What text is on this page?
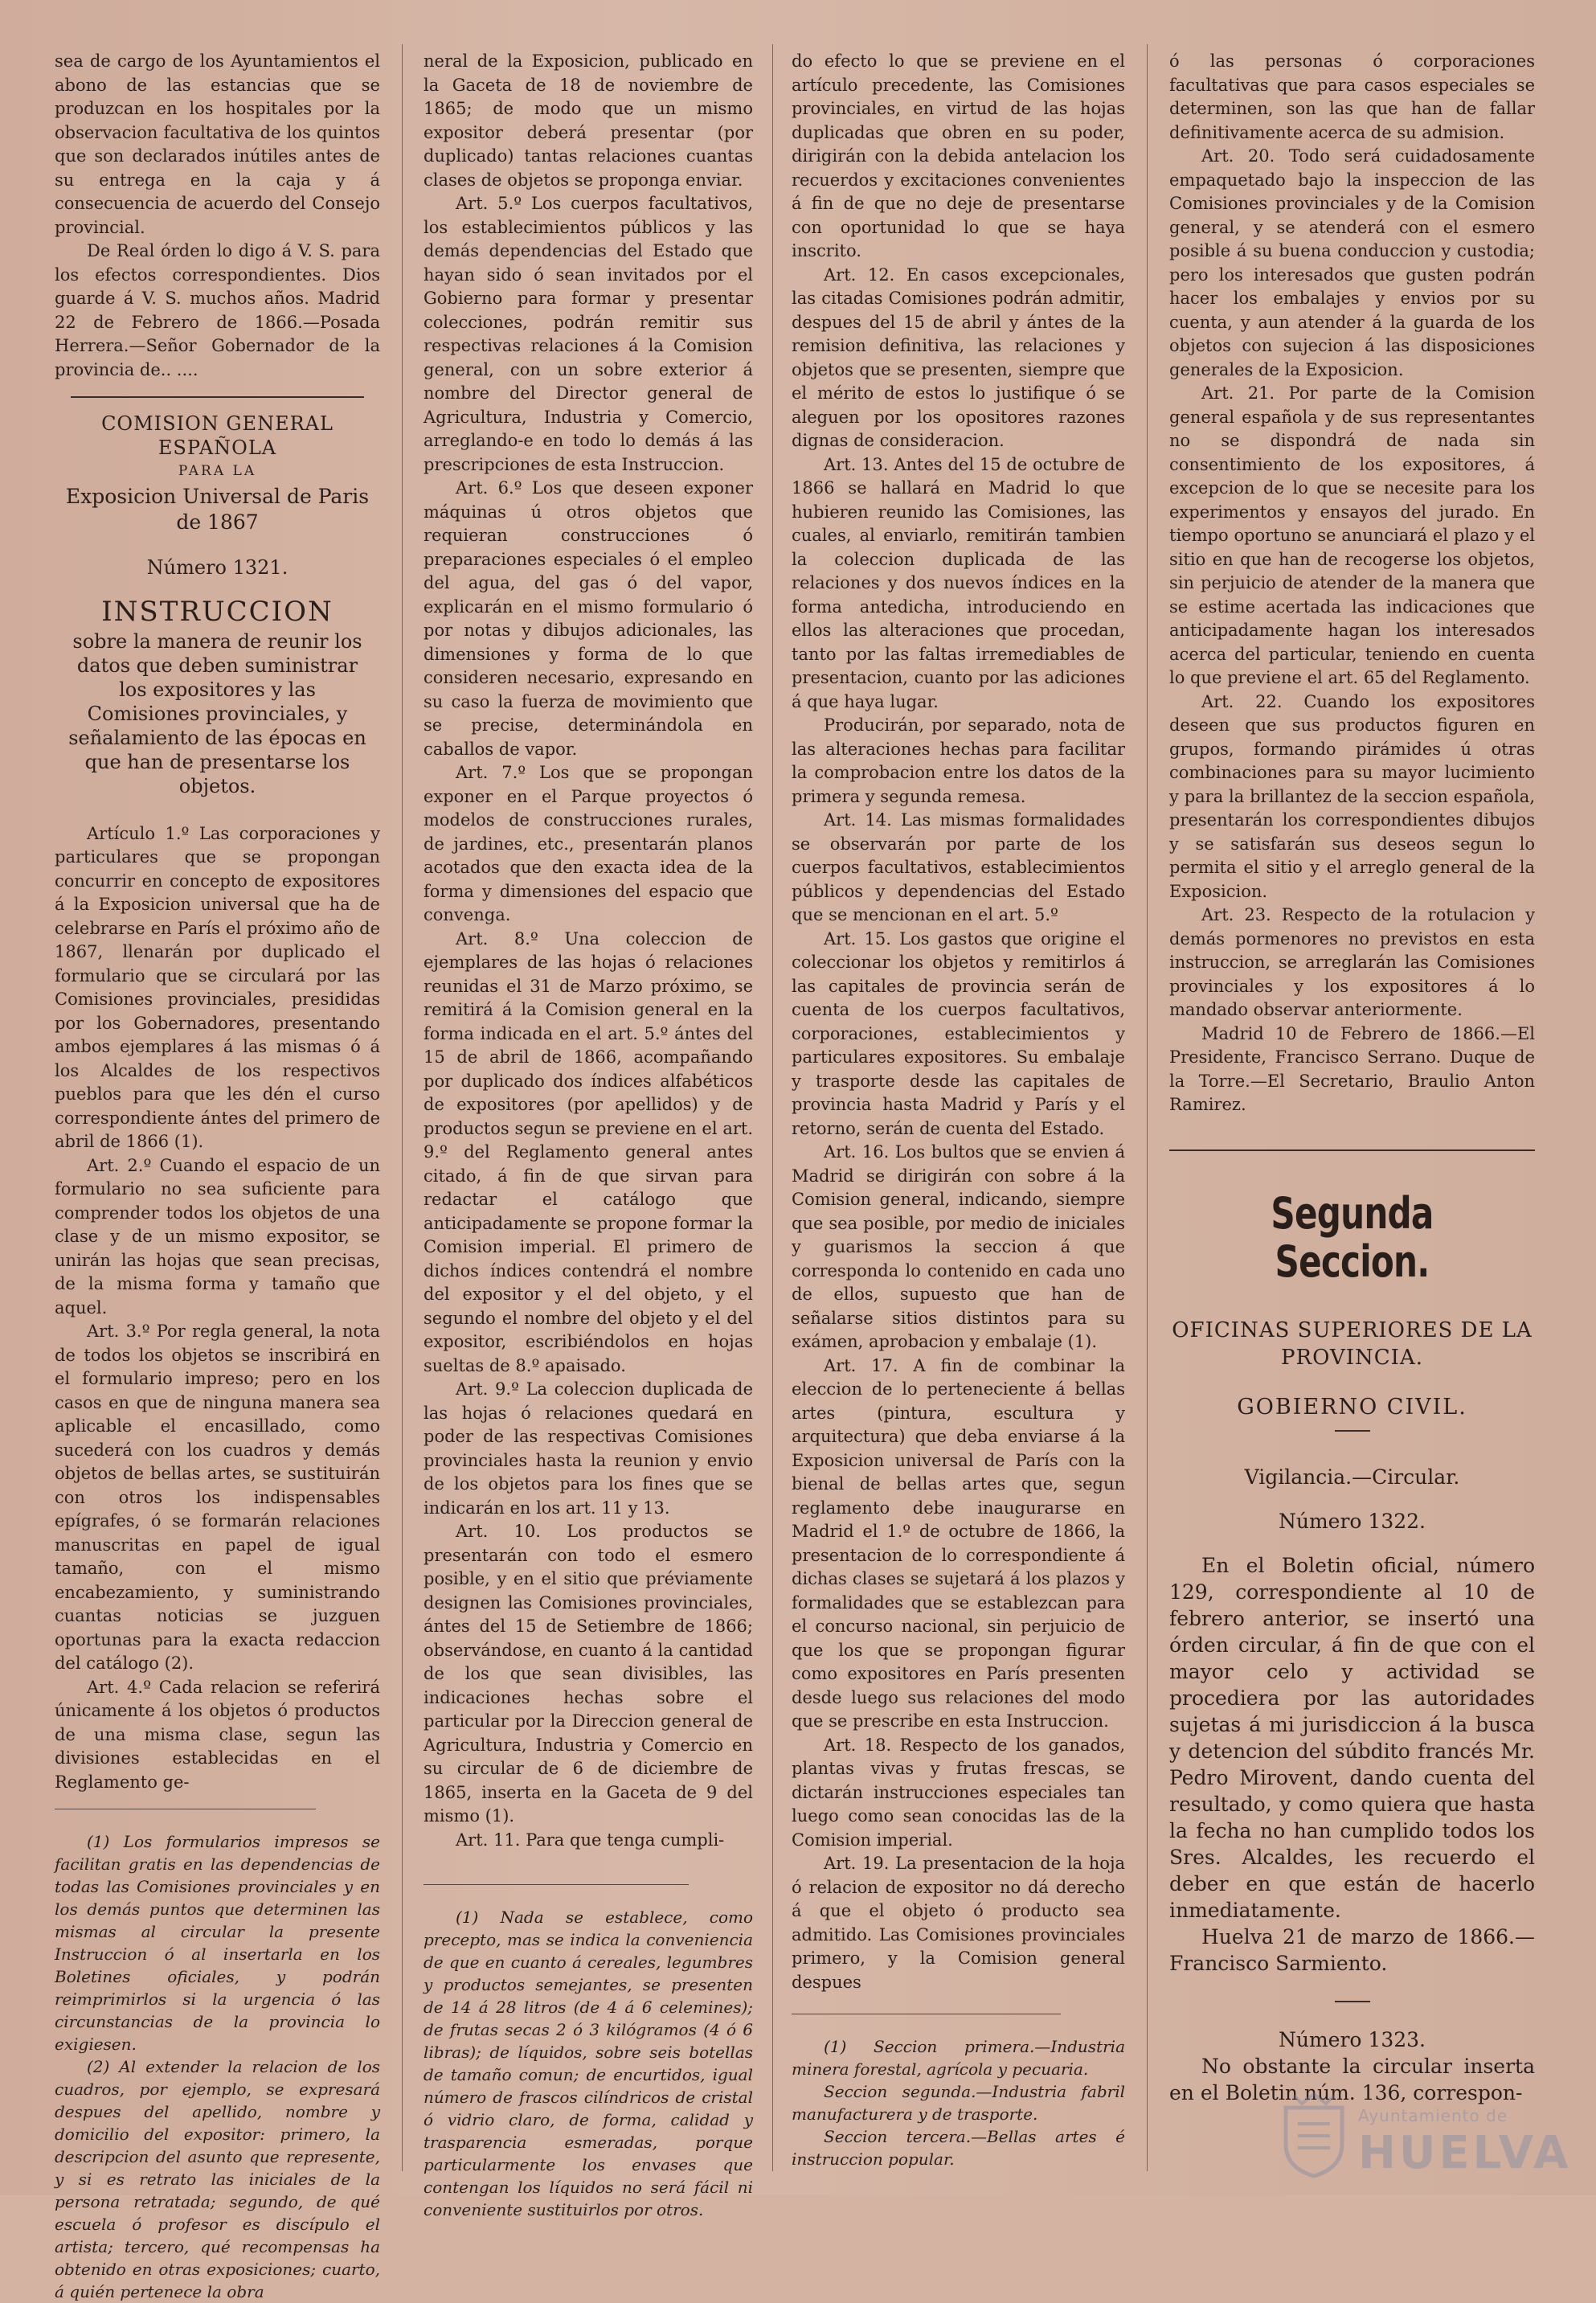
sea de cargo de los Ayuntamientos el abono de las estancias que se produzcan en los hospitales por la observacion facultativa de los quintos que son declarados inútiles antes de su entrega en la caja y á consecuencia de acuerdo del Consejo provincial.

De Real órden lo digo á V. S. para los efectos correspondientes. Dios guarde á V. S. muchos años. Madrid 22 de Febrero de 1866.—Posada Herrera.—Señor Gobernador de la provincia de.. ....

COMISION GENERAL ESPAÑOLA
PARA LA
Exposicion Universal de Paris de 1867
Número 1321.
INSTRUCCION
sobre la manera de reunir los datos que deben suministrar los expositores y las Comisiones provinciales, y señalamiento de las épocas en que han de presentarse los objetos.

Artículo 1.º Las corporaciones y particulares que se propongan concurrir en concepto de expositores á la Exposicion universal que ha de celebrarse en París el próximo año de 1867, llenarán por duplicado el formulario que se circulará por las Comisiones provinciales, presididas por los Gobernadores, presentando ambos ejemplares á las mismas ó á los Alcaldes de los respectivos pueblos para que les dén el curso correspondiente ántes del primero de abril de 1866 (1).

Art. 2.º Cuando el espacio de un formulario no sea suficiente para comprender todos los objetos de una clase y de un mismo expositor, se unirán las hojas que sean precisas, de la misma forma y tamaño que aquel.

Art. 3.º Por regla general, la nota de todos los objetos se inscribirá en el formulario impreso; pero en los casos en que de ninguna manera sea aplicable el encasillado, como sucederá con los cuadros y demás objetos de bellas artes, se sustituirán con otros los indispensables epígrafes, ó se formarán relaciones manuscritas en papel de igual tamaño, con el mismo encabezamiento, y suministrando cuantas noticias se juzguen oportunas para la exacta redaccion del catálogo (2).

Art. 4.º Cada relacion se referirá únicamente á los objetos ó productos de una misma clase, segun las divisiones establecidas en el Reglamento ge-

(1) Los formularios impresos se facilitan gratis en las dependencias de todas las Comisiones provinciales y en los demás puntos que determinen las mismas al circular la presente Instruccion ó al insertarla en los Boletines oficiales, y podrán reimprimirlos si la urgencia ó las circunstancias de la provincia lo exigiesen.

(2) Al extender la relacion de los cuadros, por ejemplo, se expresará despues del apellido, nombre y domicilio del expositor: primero, la descripcion del asunto que represente, y si es retrato las iniciales de la persona retratada; segundo, de qué escuela ó profesor es discípulo el artista; tercero, qué recompensas ha obtenido en otras exposiciones; cuarto, á quién pertenece la obra

neral de la Exposicion, publicado en la Gaceta de 18 de noviembre de 1865; de modo que un mismo expositor deberá presentar (por duplicado) tantas relaciones cuantas clases de objetos se proponga enviar.

Art. 5.º Los cuerpos facultativos, los establecimientos públicos y las demás dependencias del Estado que hayan sido ó sean invitados por el Gobierno para formar y presentar colecciones, podrán remitir sus respectivas relaciones á la Comision general, con un sobre exterior á nombre del Director general de Agricultura, Industria y Comercio, arreglando-e en todo lo demás á las prescripciones de esta Instruccion.

Art. 6.º Los que deseen exponer máquinas ú otros objetos que requieran construcciones ó preparaciones especiales ó el empleo del agua, del gas ó del vapor, explicarán en el mismo formulario ó por notas y dibujos adicionales, las dimensiones y forma de lo que consideren necesario, expresando en su caso la fuerza de movimiento que se precise, determinándola en caballos de vapor.

Art. 7.º Los que se propongan exponer en el Parque proyectos ó modelos de construcciones rurales, de jardines, etc., presentarán planos acotados que den exacta idea de la forma y dimensiones del espacio que convenga.

Art. 8.º Una coleccion de ejemplares de las hojas ó relaciones reunidas el 31 de Marzo próximo, se remitirá á la Comision general en la forma indicada en el art. 5.º ántes del 15 de abril de 1866, acompañando por duplicado dos índices alfabéticos de expositores (por apellidos) y de productos segun se previene en el art. 9.º del Reglamento general antes citado, á fin de que sirvan para redactar el catálogo que anticipadamente se propone formar la Comision imperial. El primero de dichos índices contendrá el nombre del expositor y el del objeto, y el segundo el nombre del objeto y el del expositor, escribiéndolos en hojas sueltas de 8.º apaisado.

Art. 9.º La coleccion duplicada de las hojas ó relaciones quedará en poder de las respectivas Comisiones provinciales hasta la reunion y envio de los objetos para los fines que se indicarán en los art. 11 y 13.

Art. 10. Los productos se presentarán con todo el esmero posible, y en el sitio que préviamente designen las Comisiones provinciales, ántes del 15 de Setiembre de 1866; observándose, en cuanto á la cantidad de los que sean divisibles, las indicaciones hechas sobre el particular por la Direccion general de Agricultura, Industria y Comercio en su circular de 6 de diciembre de 1865, inserta en la Gaceta de 9 del mismo (1).

Art. 11. Para que tenga cumpli-

(1) Nada se establece, como precepto, mas se indica la conveniencia de que en cuanto á cereales, legumbres y productos semejantes, se presenten de 14 á 28 litros (de 4 á 6 celemines); de frutas secas 2 ó 3 kilógramos (4 ó 6 libras); de líquidos, sobre seis botellas de tamaño comun; de encurtidos, igual número de frascos cilíndricos de cristal ó vidrio claro, de forma, calidad y trasparencia esmeradas, porque particularmente los envases que contengan los líquidos no será fácil ni conveniente sustituirlos por otros.

do efecto lo que se previene en el artículo precedente, las Comisiones provinciales, en virtud de las hojas duplicadas que obren en su poder, dirigirán con la debida antelacion los recuerdos y excitaciones convenientes á fin de que no deje de presentarse con oportunidad lo que se haya inscrito.

Art. 12. En casos excepcionales, las citadas Comisiones podrán admitir, despues del 15 de abril y ántes de la remision definitiva, las relaciones y objetos que se presenten, siempre que el mérito de estos lo justifique ó se aleguen por los opositores razones dignas de consideracion.

Art. 13. Antes del 15 de octubre de 1866 se hallará en Madrid lo que hubieren reunido las Comisiones, las cuales, al enviarlo, remitirán tambien la coleccion duplicada de las relaciones y dos nuevos índices en la forma antedicha, introduciendo en ellos las alteraciones que procedan, tanto por las faltas irremediables de presentacion, cuanto por las adiciones á que haya lugar.

Producirán, por separado, nota de las alteraciones hechas para facilitar la comprobacion entre los datos de la primera y segunda remesa.

Art. 14. Las mismas formalidades se observarán por parte de los cuerpos facultativos, establecimientos públicos y dependencias del Estado que se mencionan en el art. 5.º

Art. 15. Los gastos que origine el coleccionar los objetos y remitirlos á las capitales de provincia serán de cuenta de los cuerpos facultativos, corporaciones, establecimientos y particulares expositores. Su embalaje y trasporte desde las capitales de provincia hasta Madrid y París y el retorno, serán de cuenta del Estado.

Art. 16. Los bultos que se envien á Madrid se dirigirán con sobre á la Comision general, indicando, siempre que sea posible, por medio de iniciales y guarismos la seccion á que corresponda lo contenido en cada uno de ellos, supuesto que han de señalarse sitios distintos para su exámen, aprobacion y embalaje (1).

Art. 17. A fin de combinar la eleccion de lo perteneciente á bellas artes (pintura, escultura y arquitectura) que deba enviarse á la Exposicion universal de París con la bienal de bellas artes que, segun reglamento debe inaugurarse en Madrid el 1.º de octubre de 1866, la presentacion de lo correspondiente á dichas clases se sujetará á los plazos y formalidades que se establezcan para el concurso nacional, sin perjuicio de que los que se propongan figurar como expositores en París presenten desde luego sus relaciones del modo que se prescribe en esta Instruccion.

Art. 18. Respecto de los ganados, plantas vivas y frutas frescas, se dictarán instrucciones especiales tan luego como sean conocidas las de la Comision imperial.

Art. 19. La presentacion de la hoja ó relacion de expositor no dá derecho á que el objeto ó producto sea admitido. Las Comisiones provinciales primero, y la Comision general despues

(1) Seccion primera.—Industria minera forestal, agrícola y pecuaria.

Seccion segunda.—Industria fabril manufacturera y de trasporte.

Seccion tercera.—Bellas artes é instruccion popular.

ó las personas ó corporaciones facultativas que para casos especiales se determinen, son las que han de fallar definitivamente acerca de su admision.

Art. 20. Todo será cuidadosamente empaquetado bajo la inspeccion de las Comisiones provinciales y de la Comision general, y se atenderá con el esmero posible á su buena conduccion y custodia; pero los interesados que gusten podrán hacer los embalajes y envios por su cuenta, y aun atender á la guarda de los objetos con sujecion á las disposiciones generales de la Exposicion.

Art. 21. Por parte de la Comision general española y de sus representantes no se dispondrá de nada sin consentimiento de los expositores, á excepcion de lo que se necesite para los experimentos y ensayos del jurado. En tiempo oportuno se anunciará el plazo y el sitio en que han de recogerse los objetos, sin perjuicio de atender de la manera que se estime acertada las indicaciones que anticipadamente hagan los interesados acerca del particular, teniendo en cuenta lo que previene el art. 65 del Reglamento.

Art. 22. Cuando los expositores deseen que sus productos figuren en grupos, formando pirámides ú otras combinaciones para su mayor lucimiento y para la brillantez de la seccion española, presentarán los correspondientes dibujos y se satisfarán sus deseos segun lo permita el sitio y el arreglo general de la Exposicion.

Art. 23. Respecto de la rotulacion y demás pormenores no previstos en esta instruccion, se arreglarán las Comisiones provinciales y los expositores á lo mandado observar anteriormente.

Madrid 10 de Febrero de 1866.—El Presidente, Francisco Serrano. Duque de la Torre.—El Secretario, Braulio Anton Ramirez.

Segunda Seccion.
OFICINAS SUPERIORES DE LA PROVINCIA.
GOBIERNO CIVIL.
Vigilancia.—Circular.
Número 1322.

En el Boletin oficial, número 129, correspondiente al 10 de febrero anterior, se insertó una órden circular, á fin de que con el mayor celo y actividad se procediera por las autoridades sujetas á mi jurisdiccion á la busca y detencion del súbdito francés Mr. Pedro Mirovent, dando cuenta del resultado, y como quiera que hasta la fecha no han cumplido todos los Sres. Alcaldes, les recuerdo el deber en que están de hacerlo inmediatamente.

Huelva 21 de marzo de 1866.—Francisco Sarmiento.

Número 1323.

No obstante la circular inserta en el Boletin núm. 136, correspon-

Ayuntamiento de
HUELVA
